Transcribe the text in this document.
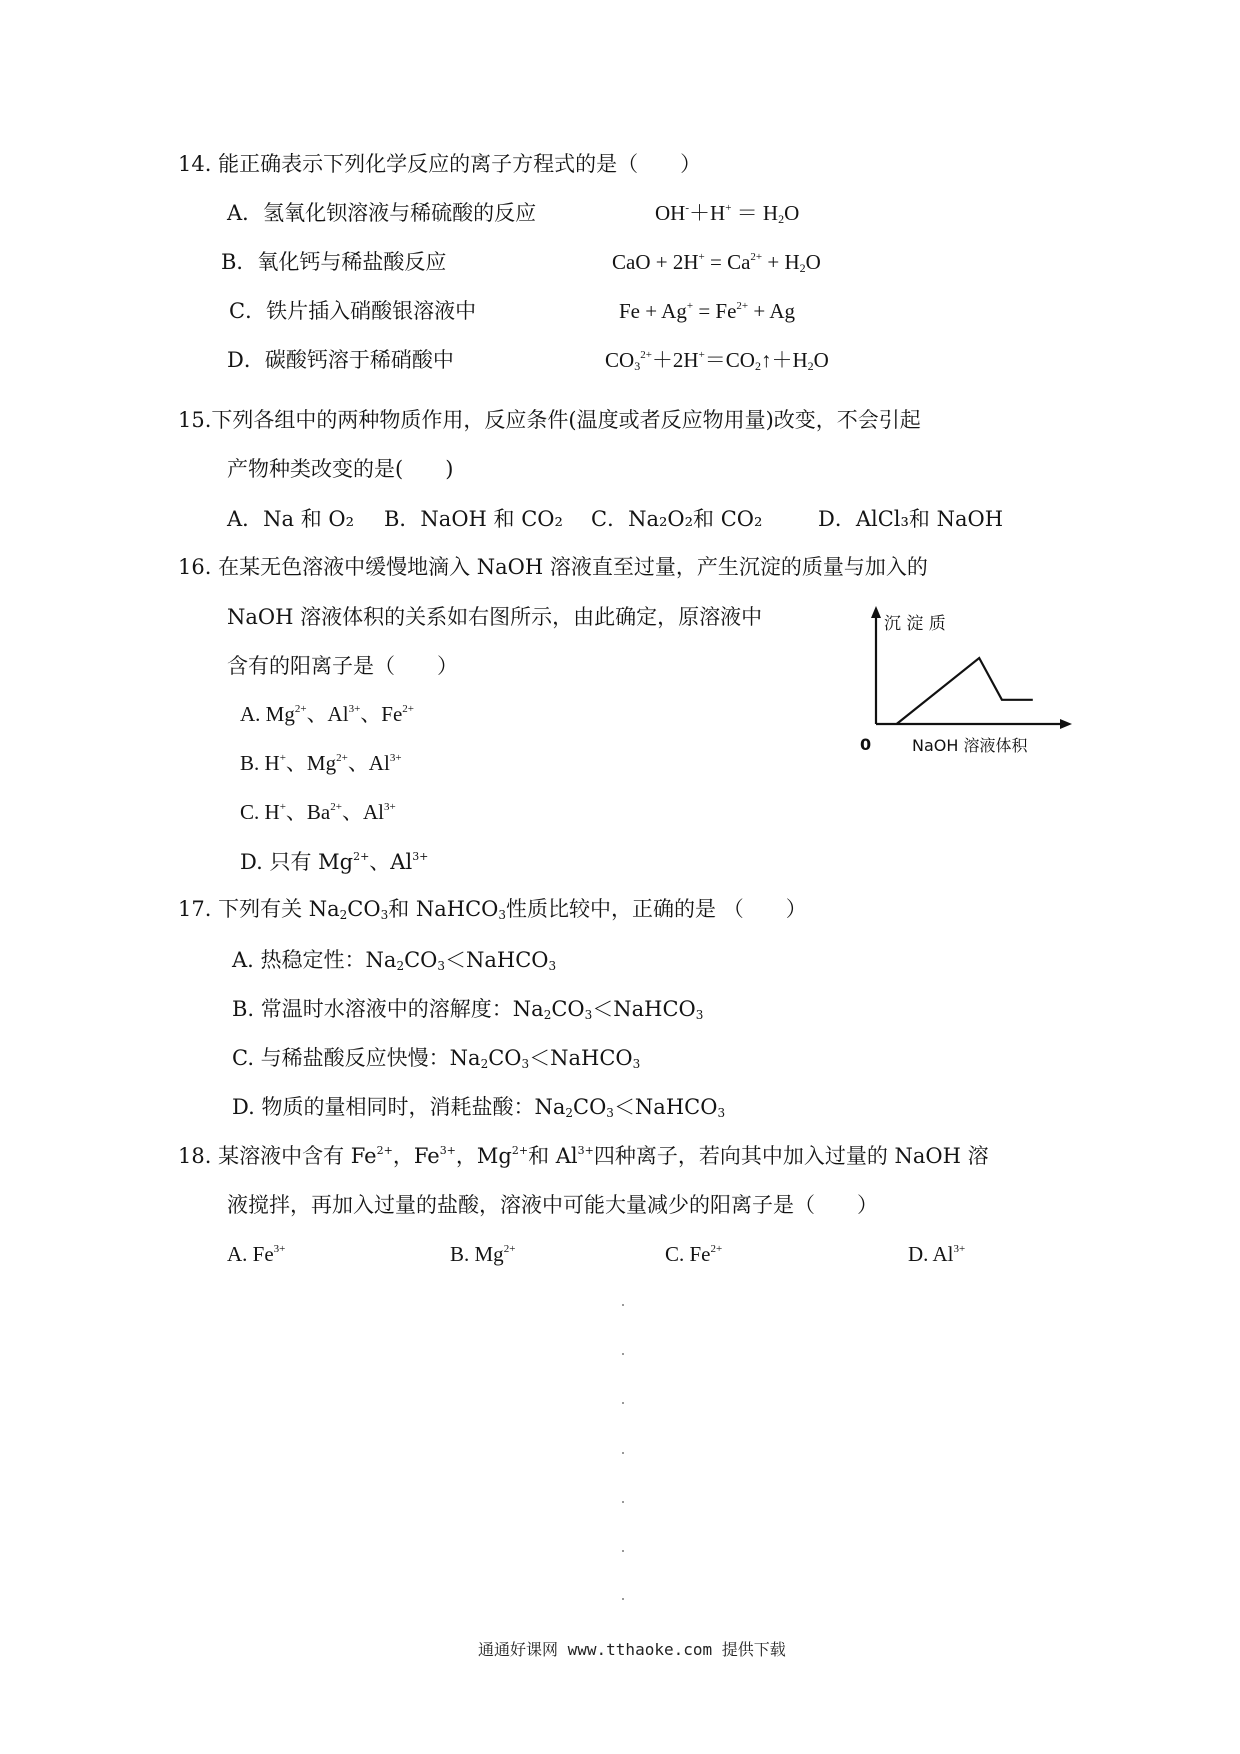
14. 能正确表示下列化学反应的离子方程式的是（　　）
A．氢氧化钡溶液与稀硫酸的反应	$OH^-+H^+ = H_2O$
B．氧化钙与稀盐酸反应	CaO + $2H^+ = Ca^{2+} + H_2O$
C．铁片插入硝酸银溶液中	$Fe + Ag^+ = Fe^{2+} + Ag$
D．碳酸钙溶于稀硝酸中	$CO_3^{2+}+2H^+=CO_2↑+H_2O$
15.下列各组中的两种物质作用，反应条件(温度或者反应物用量)改变，不会引起
产物种类改变的是(　　)
A．Na 和 O₂ B．NaOH 和 CO₂ C．Na₂O₂和 CO₂	D．AlCl₃和 NaOH
16. 在某无色溶液中缓慢地滴入 NaOH 溶液直至过量，产生沉淀的质量与加入的
NaOH 溶液体积的关系如右图所示，由此确定，原溶液中
含有的阳离子是（　　）
A. $Mg^{2+}$、$Al^{3+}$、$Fe^{2+}$
B. H+、$Mg^{2+}$、$Al^{3+}$
C. H+、$Ba^{2+}$、$Al^{3+}$
D. 只有 $Mg^{2+}$、$Al^{3+}$
沉 淀 质
0	NaOH 溶液体积
17. 下列有关 $Na_2CO_3$和 NaHCO$_3$性质比较中，正确的是 （　　）
A. 热稳定性：$Na_2CO_3<NaHCO_3$
B. 常温时水溶液中的溶解度：$Na_2CO_3<NaHCO_3$
C. 与稀盐酸反应快慢：$Na_2CO_3<NaHCO_3$
D. 物质的量相同时，消耗盐酸：$Na_2CO_3<NaHCO_3$
18. 某溶液中含有 $Fe^{2+}$，$Fe^{3+}$，$Mg^{2+}$和 $Al^{3+}$四种离子，若向其中加入过量的 NaOH 溶
液搅拌，再加入过量的盐酸，溶液中可能大量减少的阳离子是（　　）
A. $Fe^{3+}$	B. $Mg^{2+}$	C. $Fe^{2+}$	D. $Al^{3+}$
通通好课网 www.tthaoke.com 提供下载
